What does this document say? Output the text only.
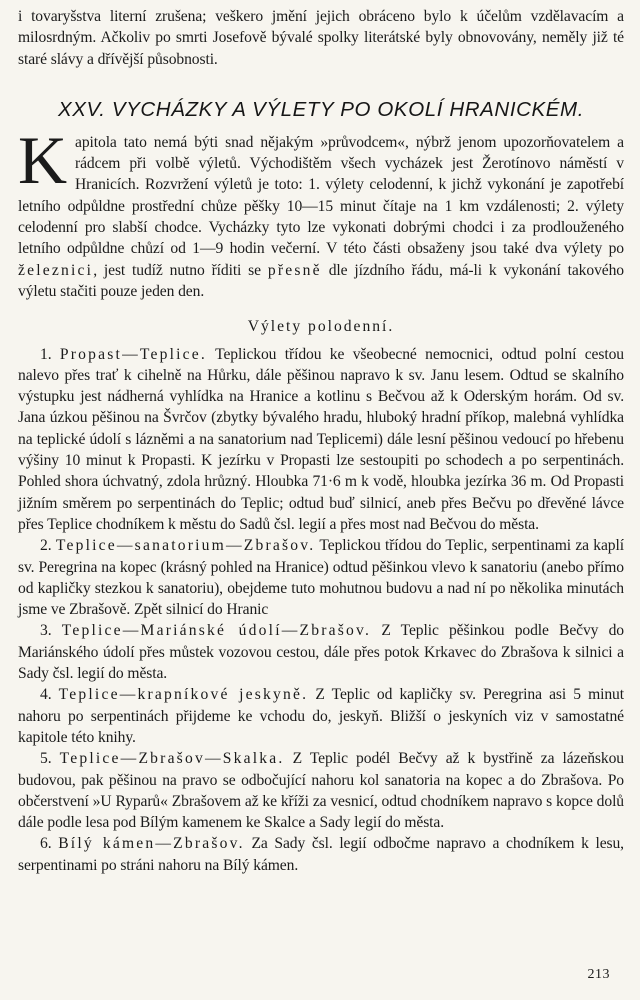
i tovaryšstva literní zrušena; veškero jmění jejich obráceno bylo k účelům vzdělavacím a milosrdným. Ačkoliv po smrti Josefově bývalé spolky literátské byly obnovovány, neměly již té staré slávy a dřívější působnosti.

XXV. VYCHÁZKY A VÝLETY PO OKOLÍ HRANICKÉM.

Kapitola tato nemá býti snad nějakým »průvodcem«, nýbrž jenom upozorňovatelem a rádcem při volbě výletů. Východištěm všech vycházek jest Žerotínovo náměstí v Hranicích. Rozvržení výletů je toto: 1. výlety celodenní, k jichž vykonání je zapotřebí letního odpůldne prostřední chůze pěšky 10—15 minut čítaje na 1 km vzdálenosti; 2. výlety celodenní pro slabší chodce. Vycházky tyto lze vykonati dobrými chodci i za prodlouženého letního odpůldne chůzí od 1—9 hodin večerní. V této části obsaženy jsou také dva výlety po železnici, jest tudíž nutno říditi se přesně dle jízdního řádu, má-li k vykonání takového výletu stačiti pouze jeden den.

Výlety polodenní.

1. Propast—Teplice. Teplickou třídou ke všeobecné nemocnici, odtud polní cestou nalevo přes trať k cihelně na Hůrku, dále pěšinou napravo k sv. Janu lesem. Odtud se skalního výstupku jest nádherná vyhlídka na Hranice a kotlinu s Bečvou až k Oderským horám. Od sv. Jana úzkou pěšinou na Švrčov (zbytky bývalého hradu, hluboký hradní příkop, malebná vyhlídka na teplické údolí s lázněmi a na sanatorium nad Teplicemi) dále lesní pěšinou vedoucí po hřebenu výšiny 10 minut k Propasti. K jezírku v Propasti lze sestoupiti po schodech a po serpentinách. Pohled shora úchvatný, zdola hrůzný. Hloubka 71·6 m k vodě, hloubka jezírka 36 m. Od Propasti jižním směrem po serpentinách do Teplic; odtud buď silnicí, aneb přes Bečvu po dřevěné lávce přes Teplice chodníkem k městu do Sadů čsl. legií a přes most nad Bečvou do města.

2. Teplice—sanatorium—Zbrašov. Teplickou třídou do Teplic, serpentinami za kaplí sv. Peregrina na kopec (krásný pohled na Hranice) odtud pěšinkou vlevo k sanatoriu (anebo přímo od kapličky stezkou k sanatoriu), obejdeme tuto mohutnou budovu a nad ní po několika minutách jsme ve Zbrašově. Zpět silnicí do Hranic

3. Teplice—Mariánské údolí—Zbrašov. Z Teplic pěšinkou podle Bečvy do Mariánského údolí přes můstek vozovou cestou, dále přes potok Krkavec do Zbrašova k silnici a Sady čsl. legií do města.

4. Teplice—krapníkové jeskyně. Z Teplic od kapličky sv. Peregrina asi 5 minut nahoru po serpentinách přijdeme ke vchodu do, jeskyň. Bližší o jeskyních viz v samostatné kapitole této knihy.

5. Teplice—Zbrašov—Skalka. Z Teplic podél Bečvy až k bystřině za lázeňskou budovou, pak pěšinou na pravo se odbočující nahoru kol sanatoria na kopec a do Zbrašova. Po občerstvení »U Ryparů« Zbrašovem až ke kříži za vesnicí, odtud chodníkem napravo s kopce dolů dále podle lesa pod Bílým kamenem ke Skalce a Sady legií do města.

6. Bílý kámen—Zbrašov. Za Sady čsl. legií odbočme napravo a chodníkem k lesu, serpentinami po stráni nahoru na Bílý kámen.

213
